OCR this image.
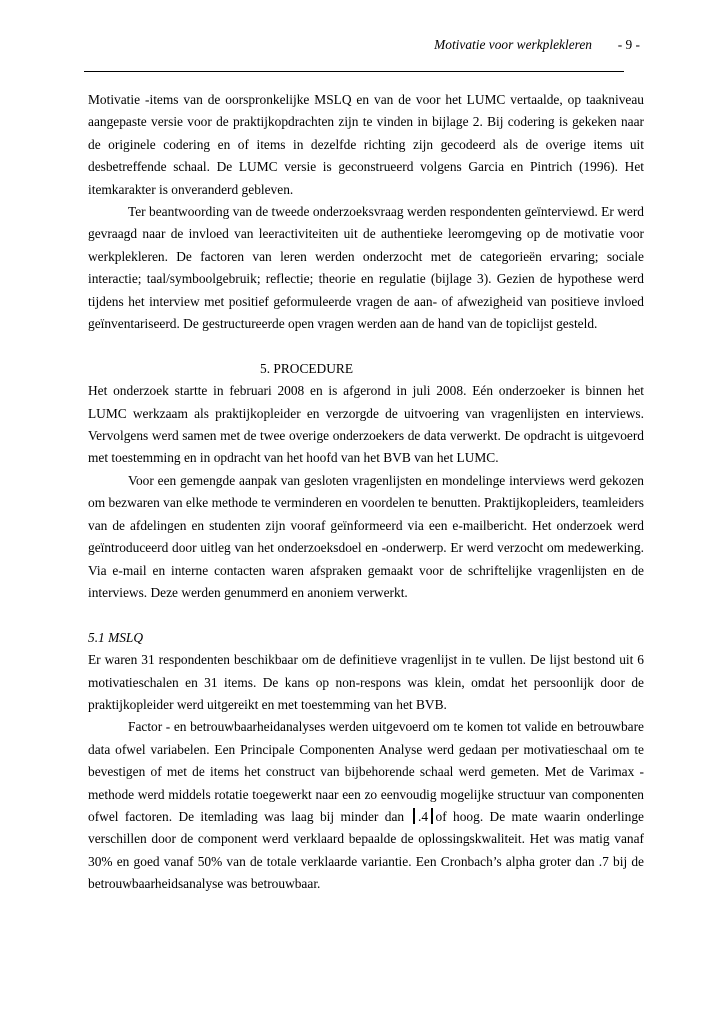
Motivatie voor werkplekleren - 9 -

Motivatie -items van de oorspronkelijke MSLQ en van de voor het LUMC vertaalde, op taakniveau aangepaste versie voor de praktijkopdrachten zijn te vinden in bijlage 2. Bij codering is gekeken naar de originele codering en of items in dezelfde richting zijn gecodeerd als de overige items uit desbetreffende schaal. De LUMC versie is geconstrueerd volgens Garcia en Pintrich (1996). Het itemkarakter is onveranderd gebleven.

Ter beantwoording van de tweede onderzoeksvraag werden respondenten geïnterviewd. Er werd gevraagd naar de invloed van leeractiviteiten uit de authentieke leeromgeving op de motivatie voor werkplekleren. De factoren van leren werden onderzocht met de categorieën ervaring; sociale interactie; taal/symboolgebruik; reflectie; theorie en regulatie (bijlage 3). Gezien de hypothese werd tijdens het interview met positief geformuleerde vragen de aan- of afwezigheid van positieve invloed geïnventariseerd. De gestructureerde open vragen werden aan de hand van de topiclijst gesteld.

5. PROCEDURE

Het onderzoek startte in februari 2008 en is afgerond in juli 2008. Eén onderzoeker is binnen het LUMC werkzaam als praktijkopleider en verzorgde de uitvoering van vragenlijsten en interviews. Vervolgens werd samen met de twee overige onderzoekers de data verwerkt. De opdracht is uitgevoerd met toestemming en in opdracht van het hoofd van het BVB van het LUMC.

Voor een gemengde aanpak van gesloten vragenlijsten en mondelinge interviews werd gekozen om bezwaren van elke methode te verminderen en voordelen te benutten. Praktijkopleiders, teamleiders van de afdelingen en studenten zijn vooraf geïnformeerd via een e-mailbericht. Het onderzoek werd geïntroduceerd door uitleg van het onderzoeksdoel en -onderwerp. Er werd verzocht om medewerking. Via e-mail en interne contacten waren afspraken gemaakt voor de schriftelijke vragenlijsten en de interviews. Deze werden genummerd en anoniem verwerkt.

5.1 MSLQ

Er waren 31 respondenten beschikbaar om de definitieve vragenlijst in te vullen. De lijst bestond uit 6 motivatieschalen en 31 items. De kans op non-respons was klein, omdat het persoonlijk door de praktijkopleider werd uitgereikt en met toestemming van het BVB.

Factor - en betrouwbaarheidanalyses werden uitgevoerd om te komen tot valide en betrouwbare data ofwel variabelen. Een Principale Componenten Analyse werd gedaan per motivatieschaal om te bevestigen of met de items het construct van bijbehorende schaal werd gemeten. Met de Varimax -methode werd middels rotatie toegewerkt naar een zo eenvoudig mogelijke structuur van componenten ofwel factoren. De itemlading was laag bij minder dan .4 of hoog. De mate waarin onderlinge verschillen door de component werd verklaard bepaalde de oplossingskwaliteit. Het was matig vanaf 30% en goed vanaf 50% van de totale verklaarde variantie. Een Cronbach’s alpha groter dan .7 bij de betrouwbaarheidsanalyse was betrouwbaar.
